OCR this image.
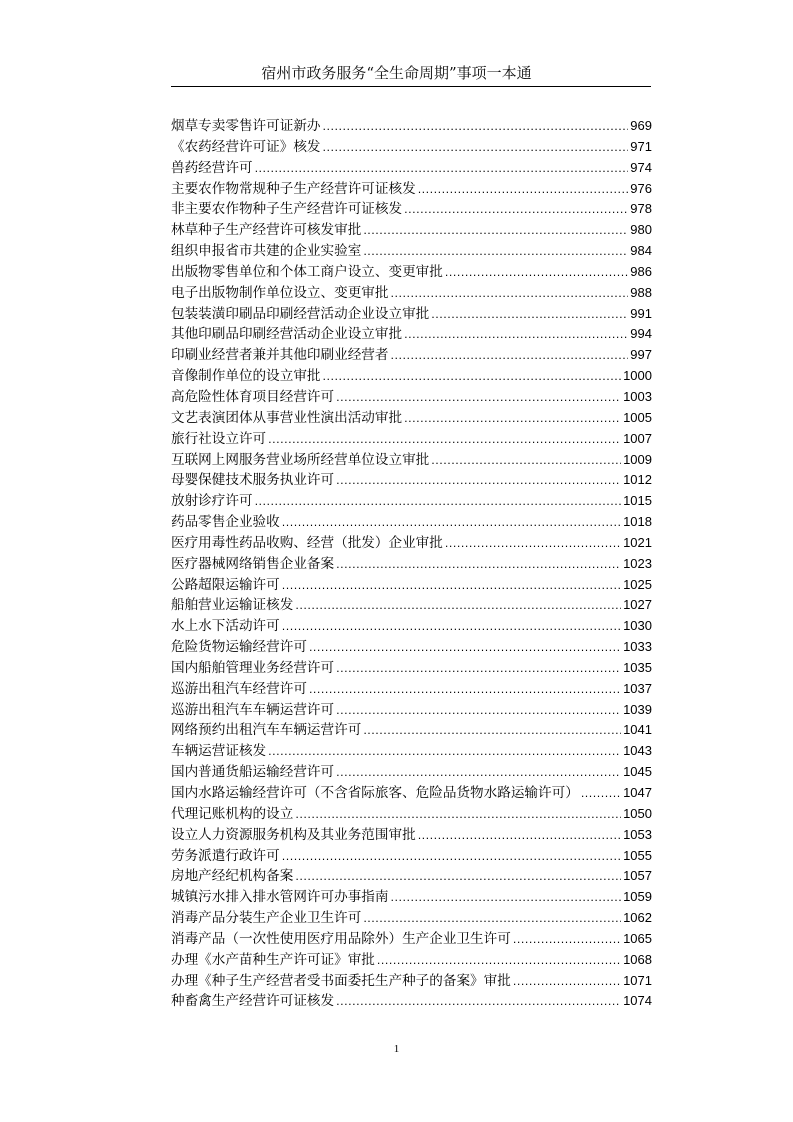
宿州市政务服务“全生命周期”事项一本通
烟草专卖零售许可证新办 .....	969
《农药经营许可证》核发 .....	971
兽药经营许可 .....	974
主要农作物常规种子生产经营许可证核发 .....	976
非主要农作物种子生产经营许可证核发 .....	978
林草种子生产经营许可核发审批 .....	980
组织申报省市共建的企业实验室 .....	984
出版物零售单位和个体工商户设立、变更审批 .....	986
电子出版物制作单位设立、变更审批 .....	988
包装装潢印刷品印刷经营活动企业设立审批 .....	991
其他印刷品印刷经营活动企业设立审批 .....	994
印刷业经营者兼并其他印刷业经营者 .....	997
音像制作单位的设立审批 .....	1000
高危险性体育项目经营许可 .....	1003
文艺表演团体从事营业性演出活动审批 .....	1005
旅行社设立许可 .....	1007
互联网上网服务营业场所经营单位设立审批 .....	1009
母婴保健技术服务执业许可 .....	1012
放射诊疗许可 .....	1015
药品零售企业验收 .....	1018
医疗用毒性药品收购、经营（批发）企业审批 .....	1021
医疗器械网络销售企业备案 .....	1023
公路超限运输许可 .....	1025
船舶营业运输证核发 .....	1027
水上水下活动许可 .....	1030
危险货物运输经营许可 .....	1033
国内船舶管理业务经营许可 .....	1035
巡游出租汽车经营许可 .....	1037
巡游出租汽车车辆运营许可 .....	1039
网络预约出租汽车车辆运营许可 .....	1041
车辆运营证核发 .....	1043
国内普通货船运输经营许可 .....	1045
国内水路运输经营许可（不含省际旅客、危险品货物水路运输许可） .....	1047
代理记账机构的设立 .....	1050
设立人力资源服务机构及其业务范围审批 .....	1053
劳务派遣行政许可 .....	1055
房地产经纪机构备案 .....	1057
城镇污水排入排水管网许可办事指南 .....	1059
消毒产品分装生产企业卫生许可 .....	1062
消毒产品（一次性使用医疗用品除外）生产企业卫生许可 .....	1065
办理《水产苗种生产许可证》审批 .....	1068
办理《种子生产经营者受书面委托生产种子的备案》审批 .....	1071
种畜禽生产经营许可证核发 .....	1074
1
